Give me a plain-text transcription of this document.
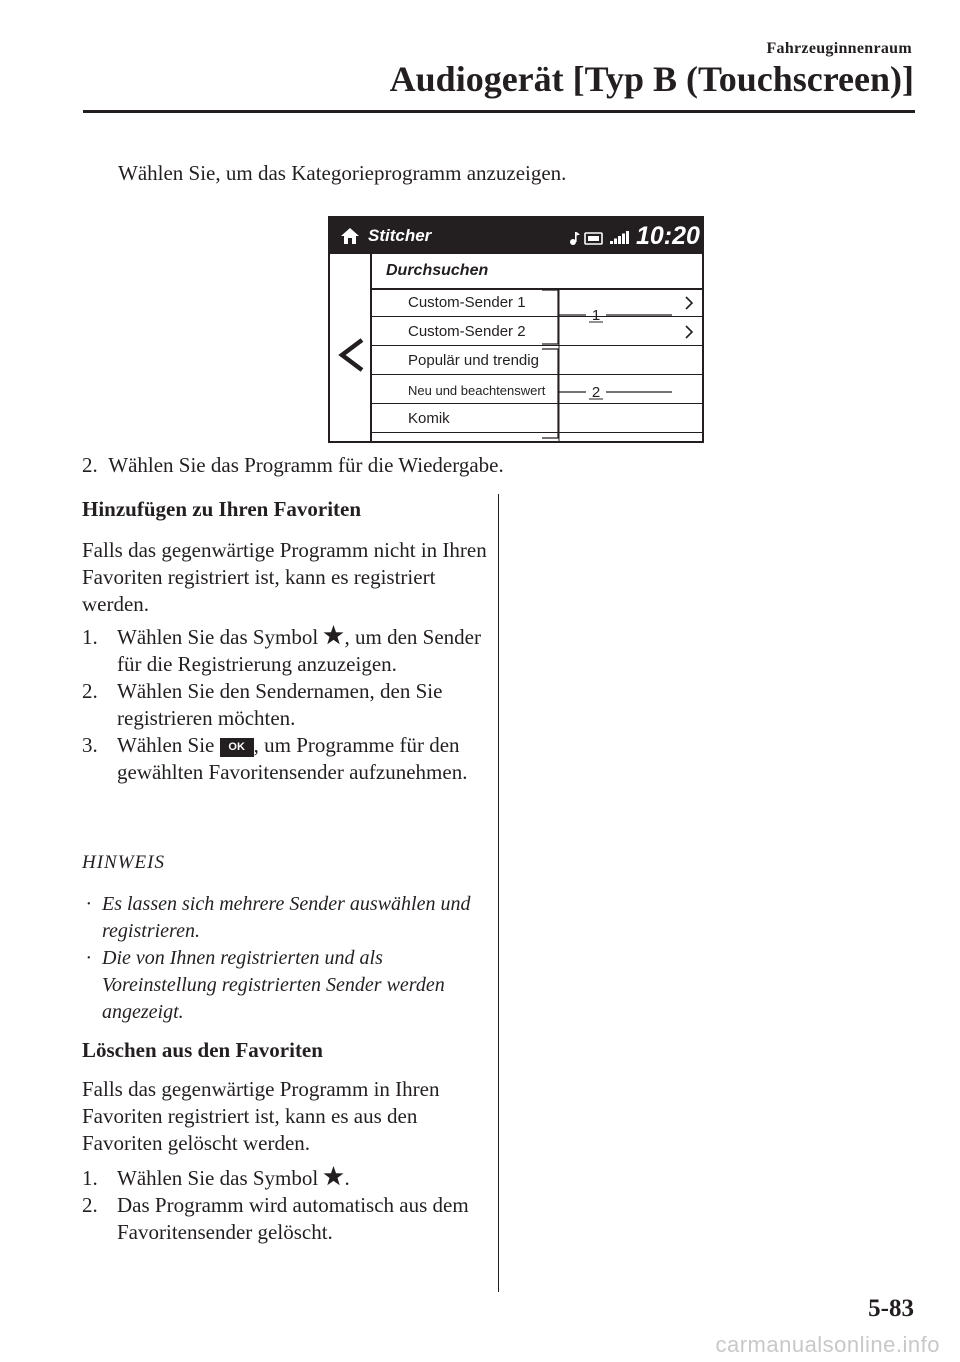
Fahrzeuginnenraum
Audiogerät [Typ B (Touchscreen)]
Wählen Sie, um das Kategorieprogramm anzuzeigen.
Stitcher	10:20
Durchsuchen
Custom-Sender 1
Custom-Sender 2
Populär und trendig
Neu und beachtenswert
Komik
1
2
2. Wählen Sie das Programm für die Wiedergabe.
Hinzufügen zu Ihren Favoriten
Falls das gegenwärtige Programm nicht in Ihren Favoriten registriert ist, kann es registriert werden.
1. Wählen Sie das Symbol , um den Sender für die Registrierung anzuzeigen.
2. Wählen Sie den Sendernamen, den Sie registrieren möchten.
3. Wählen Sie OK , um Programme für den gewählten Favoritensender aufzunehmen.
HINWEIS
· Es lassen sich mehrere Sender auswählen und registrieren.
· Die von Ihnen registrierten und als Voreinstellung registrierten Sender werden angezeigt.
Löschen aus den Favoriten
Falls das gegenwärtige Programm in Ihren Favoriten registriert ist, kann es aus den Favoriten gelöscht werden.
1. Wählen Sie das Symbol .
2. Das Programm wird automatisch aus dem Favoritensender gelöscht.
5-83
carmanualsonline.info
